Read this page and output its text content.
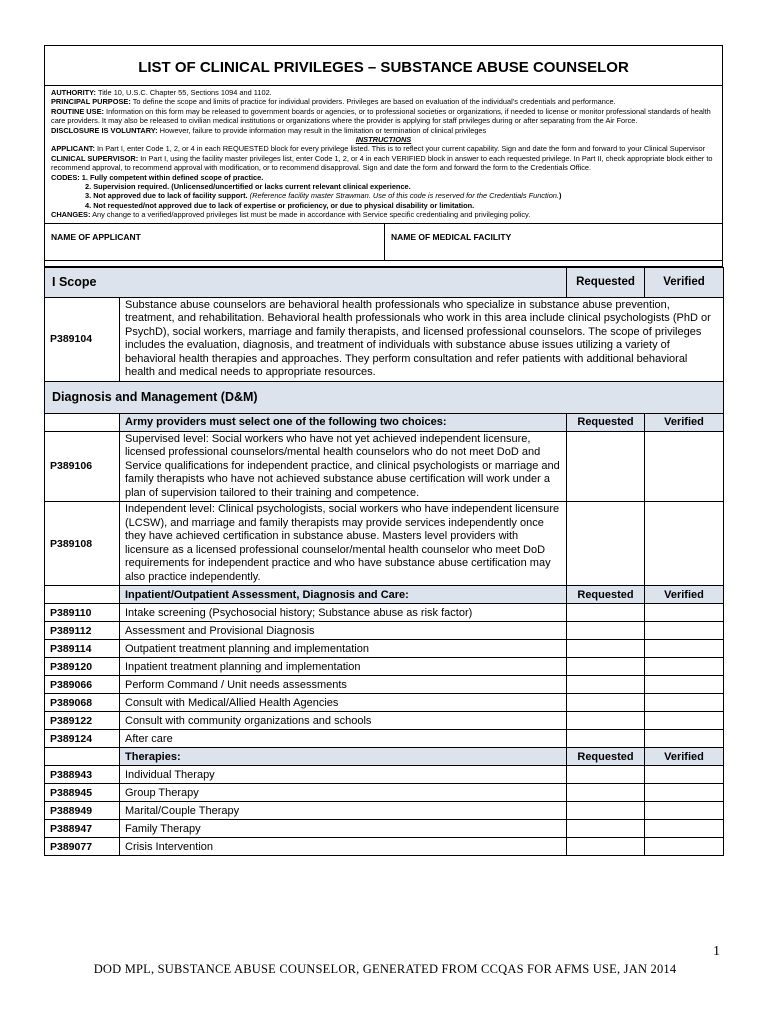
LIST OF CLINICAL PRIVILEGES – SUBSTANCE ABUSE COUNSELOR
AUTHORITY: Title 10, U.S.C. Chapter 55, Sections 1094 and 1102.
PRINCIPAL PURPOSE: To define the scope and limits of practice for individual providers. Privileges are based on evaluation of the individual’s credentials and performance.
ROUTINE USE: Information on this form may be released to government boards or agencies, or to professional societies or organizations, if needed to license or monitor professional standards of health care providers. It may also be released to civilian medical institutions or organizations where the provider is applying for staff privileges during or after separating from the Air Force.
DISCLOSURE IS VOLUNTARY: However, failure to provide information may result in the limitation or termination of clinical privileges
INSTRUCTIONS
APPLICANT: In Part I, enter Code 1, 2, or 4 in each REQUESTED block for every privilege listed. This is to reflect your current capability. Sign and date the form and forward to your Clinical Supervisor
CLINICAL SUPERVISOR: In Part I, using the facility master privileges list, enter Code 1, 2, or 4 in each VERIFIED block in answer to each requested privilege. In Part II, check appropriate block either to recommend approval, to recommend approval with modification, or to recommend disapproval. Sign and date the form and forward the form to the Credentials Office.
CODES: 1. Fully competent within defined scope of practice.
2. Supervision required. (Unlicensed/uncertified or lacks current relevant clinical experience.
3. Not approved due to lack of facility support. (Reference facility master Strawman. Use of this code is reserved for the Credentials Function.)
4. Not requested/not approved due to lack of expertise or proficiency, or due to physical disability or limitation.
CHANGES: Any change to a verified/approved privileges list must be made in accordance with Service specific credentialing and privileging policy.
NAME OF APPLICANT	NAME OF MEDICAL FACILITY
I Scope		Requested	Verified
P389104	Substance abuse counselors are behavioral health professionals who specialize in substance abuse prevention, treatment, and rehabilitation. Behavioral health professionals who work in this area include clinical psychologists (PhD or PsychD), social workers, marriage and family therapists, and licensed professional counselors. The scope of privileges includes the evaluation, diagnosis, and treatment of individuals with substance abuse issues utilizing a variety of behavioral health therapies and approaches. They perform consultation and refer patients with additional behavioral health and medical needs to appropriate resources.		
Diagnosis and Management (D&M)			
	Army providers must select one of the following two choices:	Requested	Verified
P389106	Supervised level: Social workers who have not yet achieved independent licensure, licensed professional counselors/mental health counselors who do not meet DoD and Service qualifications for independent practice, and clinical psychologists or marriage and family therapists who have not achieved substance abuse certification will work under a plan of supervision tailored to their training and competence.		
P389108	Independent level: Clinical psychologists, social workers who have independent licensure (LCSW), and marriage and family therapists may provide services independently once they have achieved certification in substance abuse. Masters level providers with licensure as a licensed professional counselor/mental health counselor who meet DoD requirements for independent practice and who have substance abuse certification may also practice independently.		
	Inpatient/Outpatient Assessment, Diagnosis and Care:	Requested	Verified
P389110	Intake screening (Psychosocial history; Substance abuse as risk factor)		
P389112	Assessment and Provisional Diagnosis		
P389114	Outpatient treatment planning and implementation		
P389120	Inpatient treatment planning and implementation		
P389066	Perform Command / Unit needs assessments		
P389068	Consult with Medical/Allied Health Agencies		
P389122	Consult with community organizations and schools		
P389124	After care		
	Therapies:	Requested	Verified
P388943	Individual Therapy		
P388945	Group Therapy		
P388949	Marital/Couple Therapy		
P388947	Family Therapy		
P389077	Crisis Intervention		
1
DOD MPL, SUBSTANCE ABUSE COUNSELOR, GENERATED FROM CCQAS FOR AFMS USE, JAN 2014
